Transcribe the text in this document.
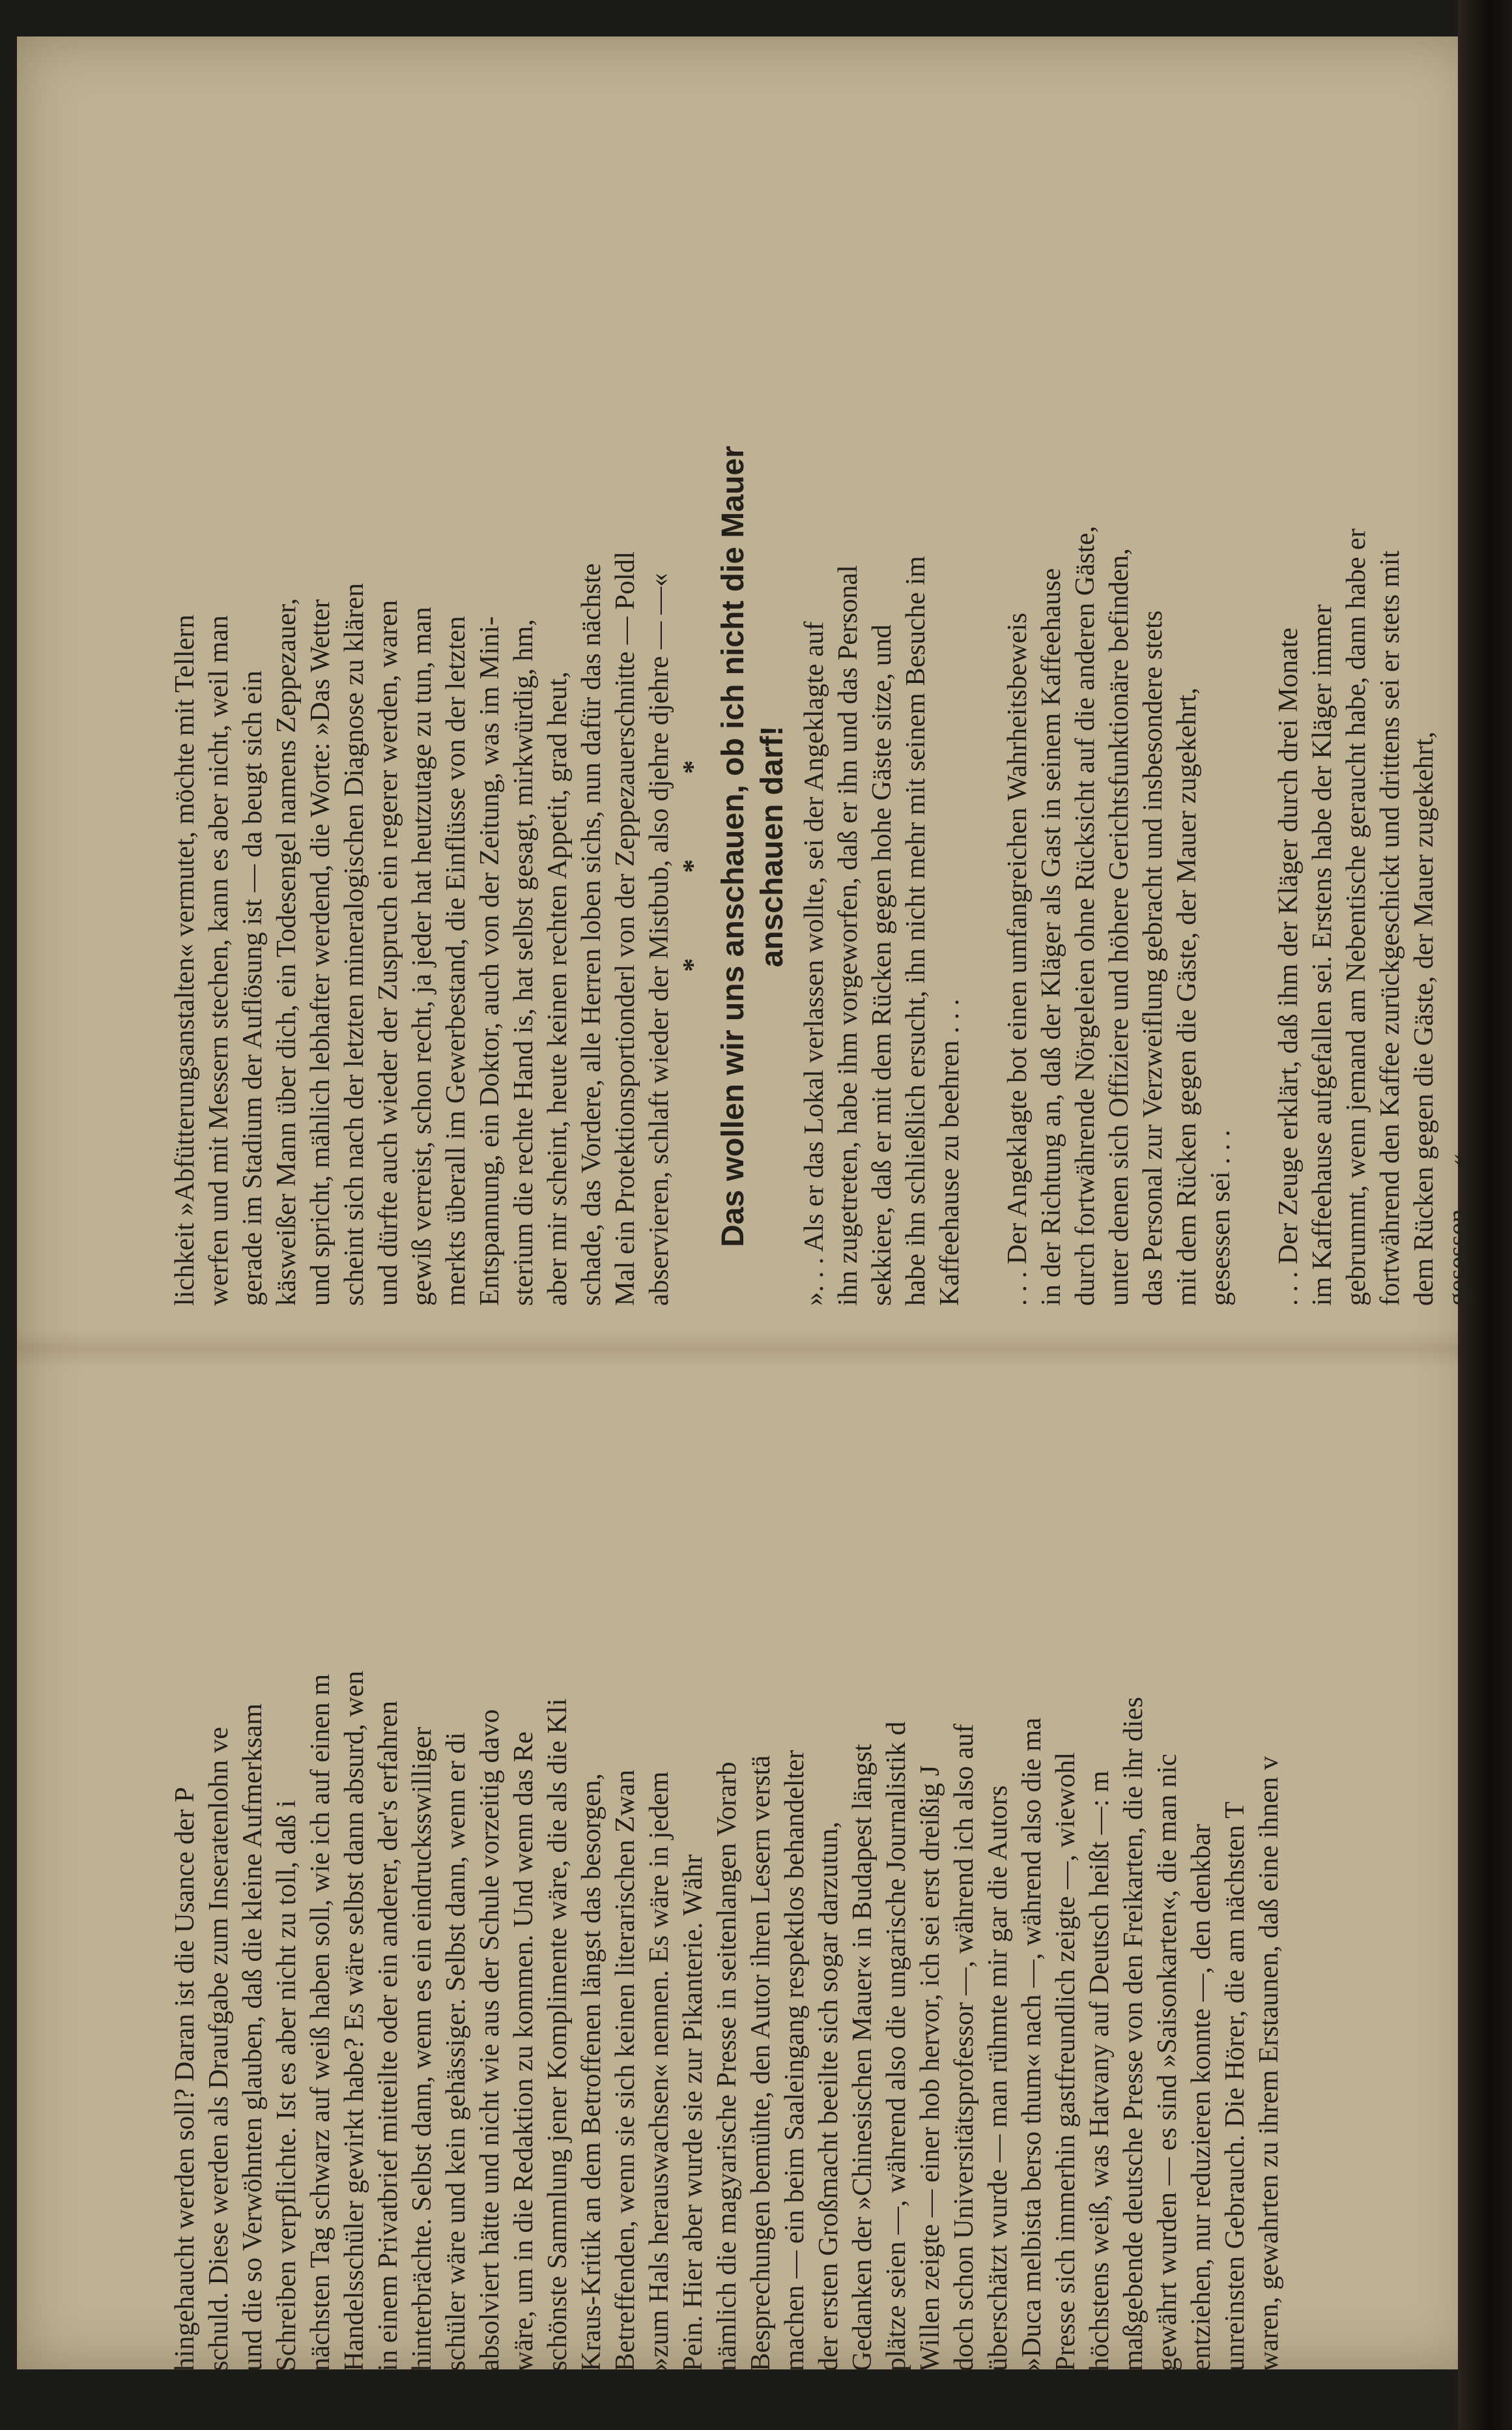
lichkeit »Abfütterungsanstalten« vermutet, möchte mit Tellern werfen und mit Messern stechen, kann es aber nicht, weil man gerade im Stadium der Auflösung ist — da beugt sich ein käsweißer Mann über dich, ein Todesengel namens Zeppezauer, und spricht, mählich lebhafter werdend, die Worte: »Das Wetter scheint sich nach der letzten mineralogischen Diagnose zu klären und dürfte auch wieder der Zuspruch ein regerer werden, waren gewiß verreist, schon recht, ja jeder hat heutzutage zu tun, man merkts überall im Gewerbestand, die Einflüsse von der letzten Entspannung, ein Doktor, auch von der Zeitung, was im Mini- sterium die rechte Hand is, hat selbst gesagt, mirkwürdig, hm, aber mir scheint, heute keinen rechten Appetit, grad heut, schade, das Vordere, alle Herren loben sichs, nun dafür das nächste Mal ein Protektionsportionderl von der Zeppezauerschnitte — Poldl abservieren, schlaft wieder der Mistbub, also djehre djehre — —« * * * Das wollen wir uns anschauen, ob ich nicht die Mauer anschauen darf! ». . . Als er das Lokal verlassen wollte, sei der Angeklagte auf ihn zugetreten, habe ihm vorgeworfen, daß er ihn und das Personal sekkiere, daß er mit dem Rücken gegen hohe Gäste sitze, und habe ihn schließlich ersucht, ihn nicht mehr mit seinem Besuche im Kaffeehause zu beehren . . . . . . Der Angeklagte bot einen umfangreichen Wahrheitsbeweis in der Richtung an, daß der Kläger als Gast in seinem Kaffeehause durch fortwährende Nörgeleien ohne Rücksicht auf die anderen Gäste, unter denen sich Offiziere und höhere Gerichtsfunktionäre befinden, das Personal zur Verzweiflung gebracht und insbesondere stets mit dem Rücken gegen die Gäste, der Mauer zugekehrt, gesessen sei . . . . . . Der Zeuge erklärt, daß ihm der Kläger durch drei Monate im Kaffeehause aufgefallen sei. Erstens habe der Kläger immer gebrummt, wenn jemand am Nebentische geraucht habe, dann habe er fortwährend den Kaffee zurückgeschickt und drittens sei er stets mit dem Rücken gegen die Gäste, der Mauer zugekehrt, gesessen . . .«
hingehaucht werden soll? Daran ist die Usance der P schuld. Diese werden als Draufgabe zum Inseratenlohn ve und die so Verwöhnten glauben, daß die kleine Aufmerksam Schreiben verpflichte. Ist es aber nicht zu toll, daß i nächsten Tag schwarz auf weiß haben soll, wie ich auf einen m Handelsschüler gewirkt habe? Es wäre selbst dann absurd, wen in einem Privatbrief mitteilte oder ein anderer, der's erfahren hinterbrächte. Selbst dann, wenn es ein eindrucksswilliger schüler wäre und kein gehässiger. Selbst dann, wenn er di absolviert hätte und nicht wie aus der Schule vorzeitig davo wäre, um in die Redaktion zu kommen. Und wenn das Re schönste Sammlung jener Komplimente wäre, die als die Kli Kraus-Kritik an dem Betroffenen längst das besorgen, Betreffenden, wenn sie sich keinen literarischen Zwan »zum Hals herauswachsen« nennen. Es wäre in jedem Pein. Hier aber wurde sie zur Pikanterie. Währ nämlich die magyarische Presse in seitenlangen Vorarb Besprechungen bemühte, den Autor ihren Lesern verstä machen — ein beim Saaleingang respektlos behandelter der ersten Großmacht beeilte sich sogar darzutun, Gedanken der »Chinesischen Mauer« in Budapest längst plätze seien —, während also die ungarische Journalistik d Willen zeigte — einer hob hervor, ich sei erst dreißig J doch schon Universitätsprofessor —, während ich also auf überschätzt wurde — man rühmte mir gar die Autors »Duca melbista berso thum« nach —, während also die ma Presse sich immerhin gastfreundlich zeigte —, wiewohl höchstens weiß, was Hatvany auf Deutsch heißt —: m maßgebende deutsche Presse von den Freikarten, die ihr dies gewährt wurden — es sind »Saisonkarten«, die man nic entziehen, nur reduzieren konnte —, den denkbar unreinsten Gebrauch. Die Hörer, die am nächsten T waren, gewahrten zu ihrem Erstaunen, daß eine ihnen v
